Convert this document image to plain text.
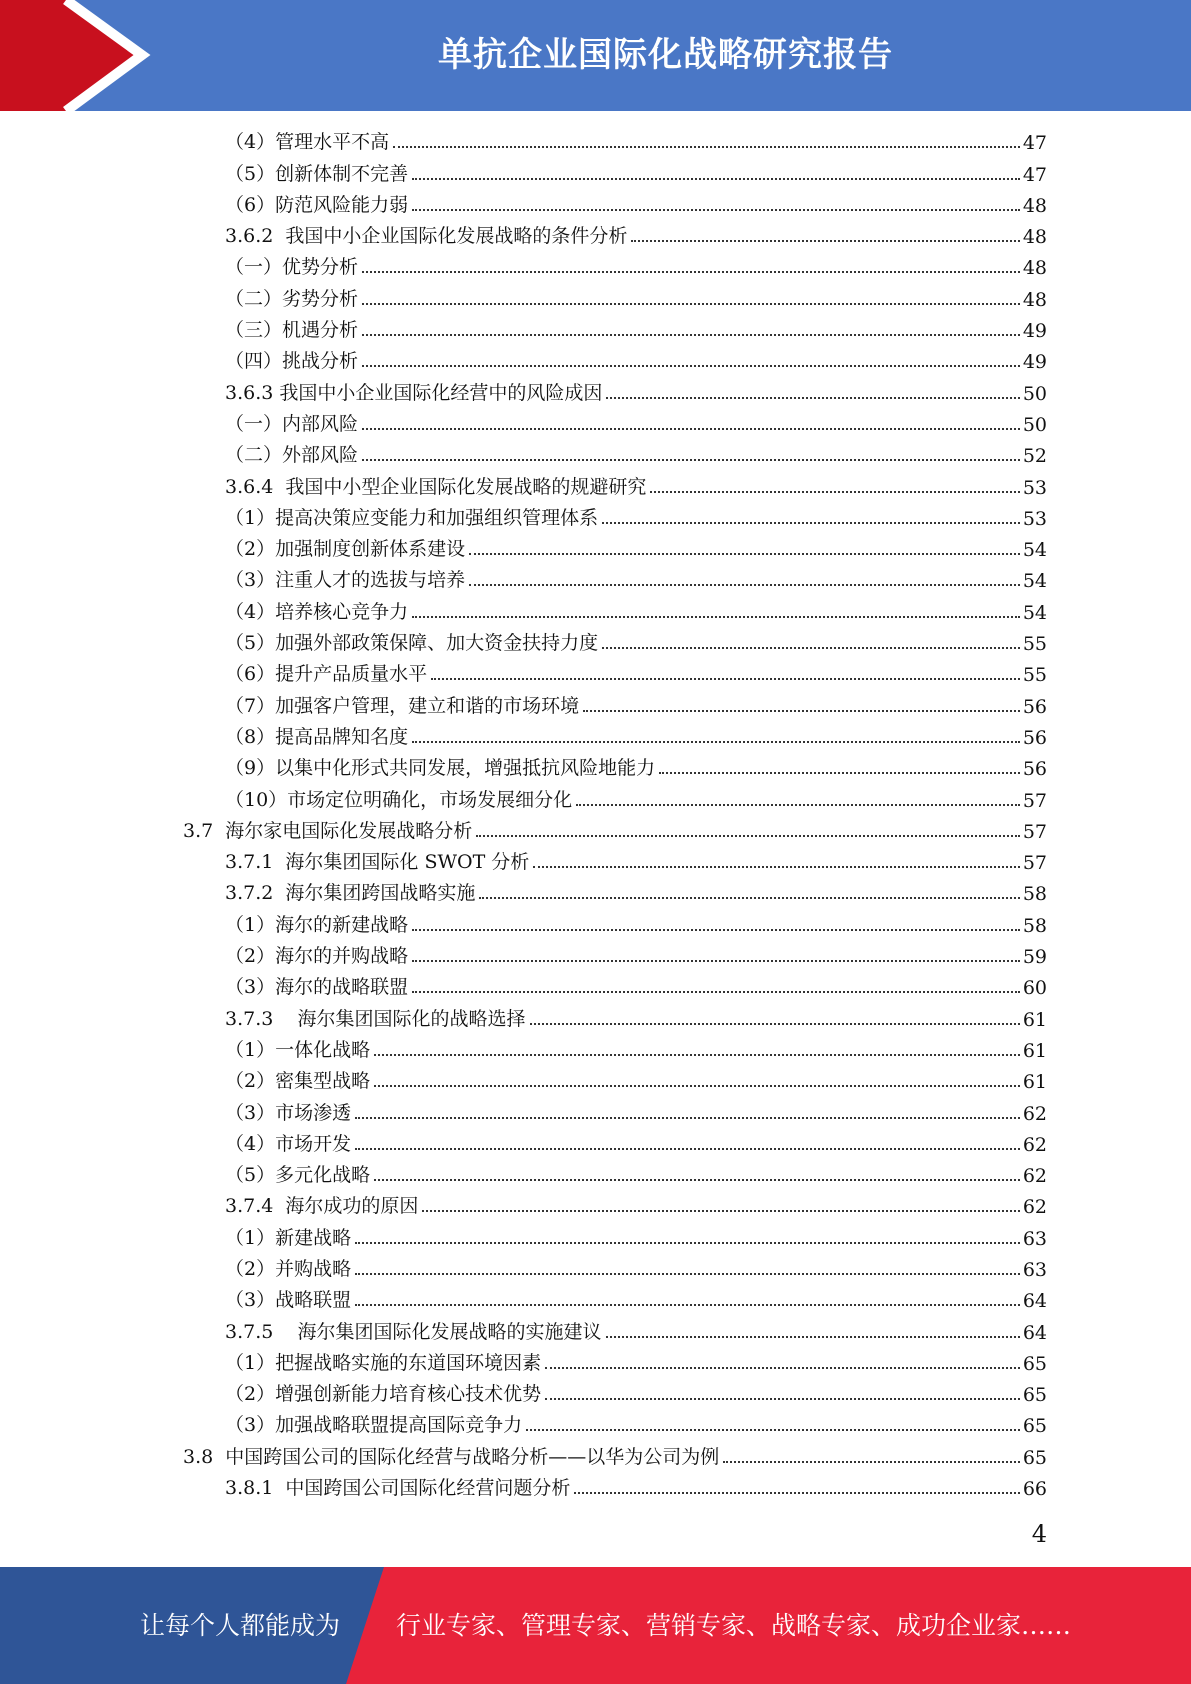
单抗企业国际化战略研究报告
（4）管理水平不高	47
（5）创新体制不完善	47
（6）防范风险能力弱	48
3.6.2  我国中小企业国际化发展战略的条件分析	48
（一）优势分析	48
（二）劣势分析	48
（三）机遇分析	49
（四）挑战分析	49
3.6.3 我国中小企业国际化经营中的风险成因	50
（一）内部风险	50
（二）外部风险	52
3.6.4  我国中小型企业国际化发展战略的规避研究	53
（1）提高决策应变能力和加强组织管理体系	53
（2）加强制度创新体系建设	54
（3）注重人才的选拔与培养	54
（4）培养核心竞争力	54
（5）加强外部政策保障、加大资金扶持力度	55
（6）提升产品质量水平	55
（7）加强客户管理，建立和谐的市场环境	56
（8）提高品牌知名度	56
（9）以集中化形式共同发展，增强抵抗风险地能力	56
（10）市场定位明确化，市场发展细分化	57
3.7  海尔家电国际化发展战略分析	57
3.7.1  海尔集团国际化 SWOT 分析	57
3.7.2  海尔集团跨国战略实施	58
（1）海尔的新建战略	58
（2）海尔的并购战略	59
（3）海尔的战略联盟	60
3.7.3    海尔集团国际化的战略选择	61
（1）一体化战略	61
（2）密集型战略	61
（3）市场渗透	62
（4）市场开发	62
（5）多元化战略	62
3.7.4  海尔成功的原因	62
（1）新建战略	63
（2）并购战略	63
（3）战略联盟	64
3.7.5    海尔集团国际化发展战略的实施建议	64
（1）把握战略实施的东道国环境因素	65
（2）增强创新能力培育核心技术优势	65
（3）加强战略联盟提高国际竞争力	65
3.8  中国跨国公司的国际化经营与战略分析——以华为公司为例	65
3.8.1  中国跨国公司国际化经营问题分析	66
4
让每个人都能成为 行业专家、管理专家、营销专家、战略专家、成功企业家……
